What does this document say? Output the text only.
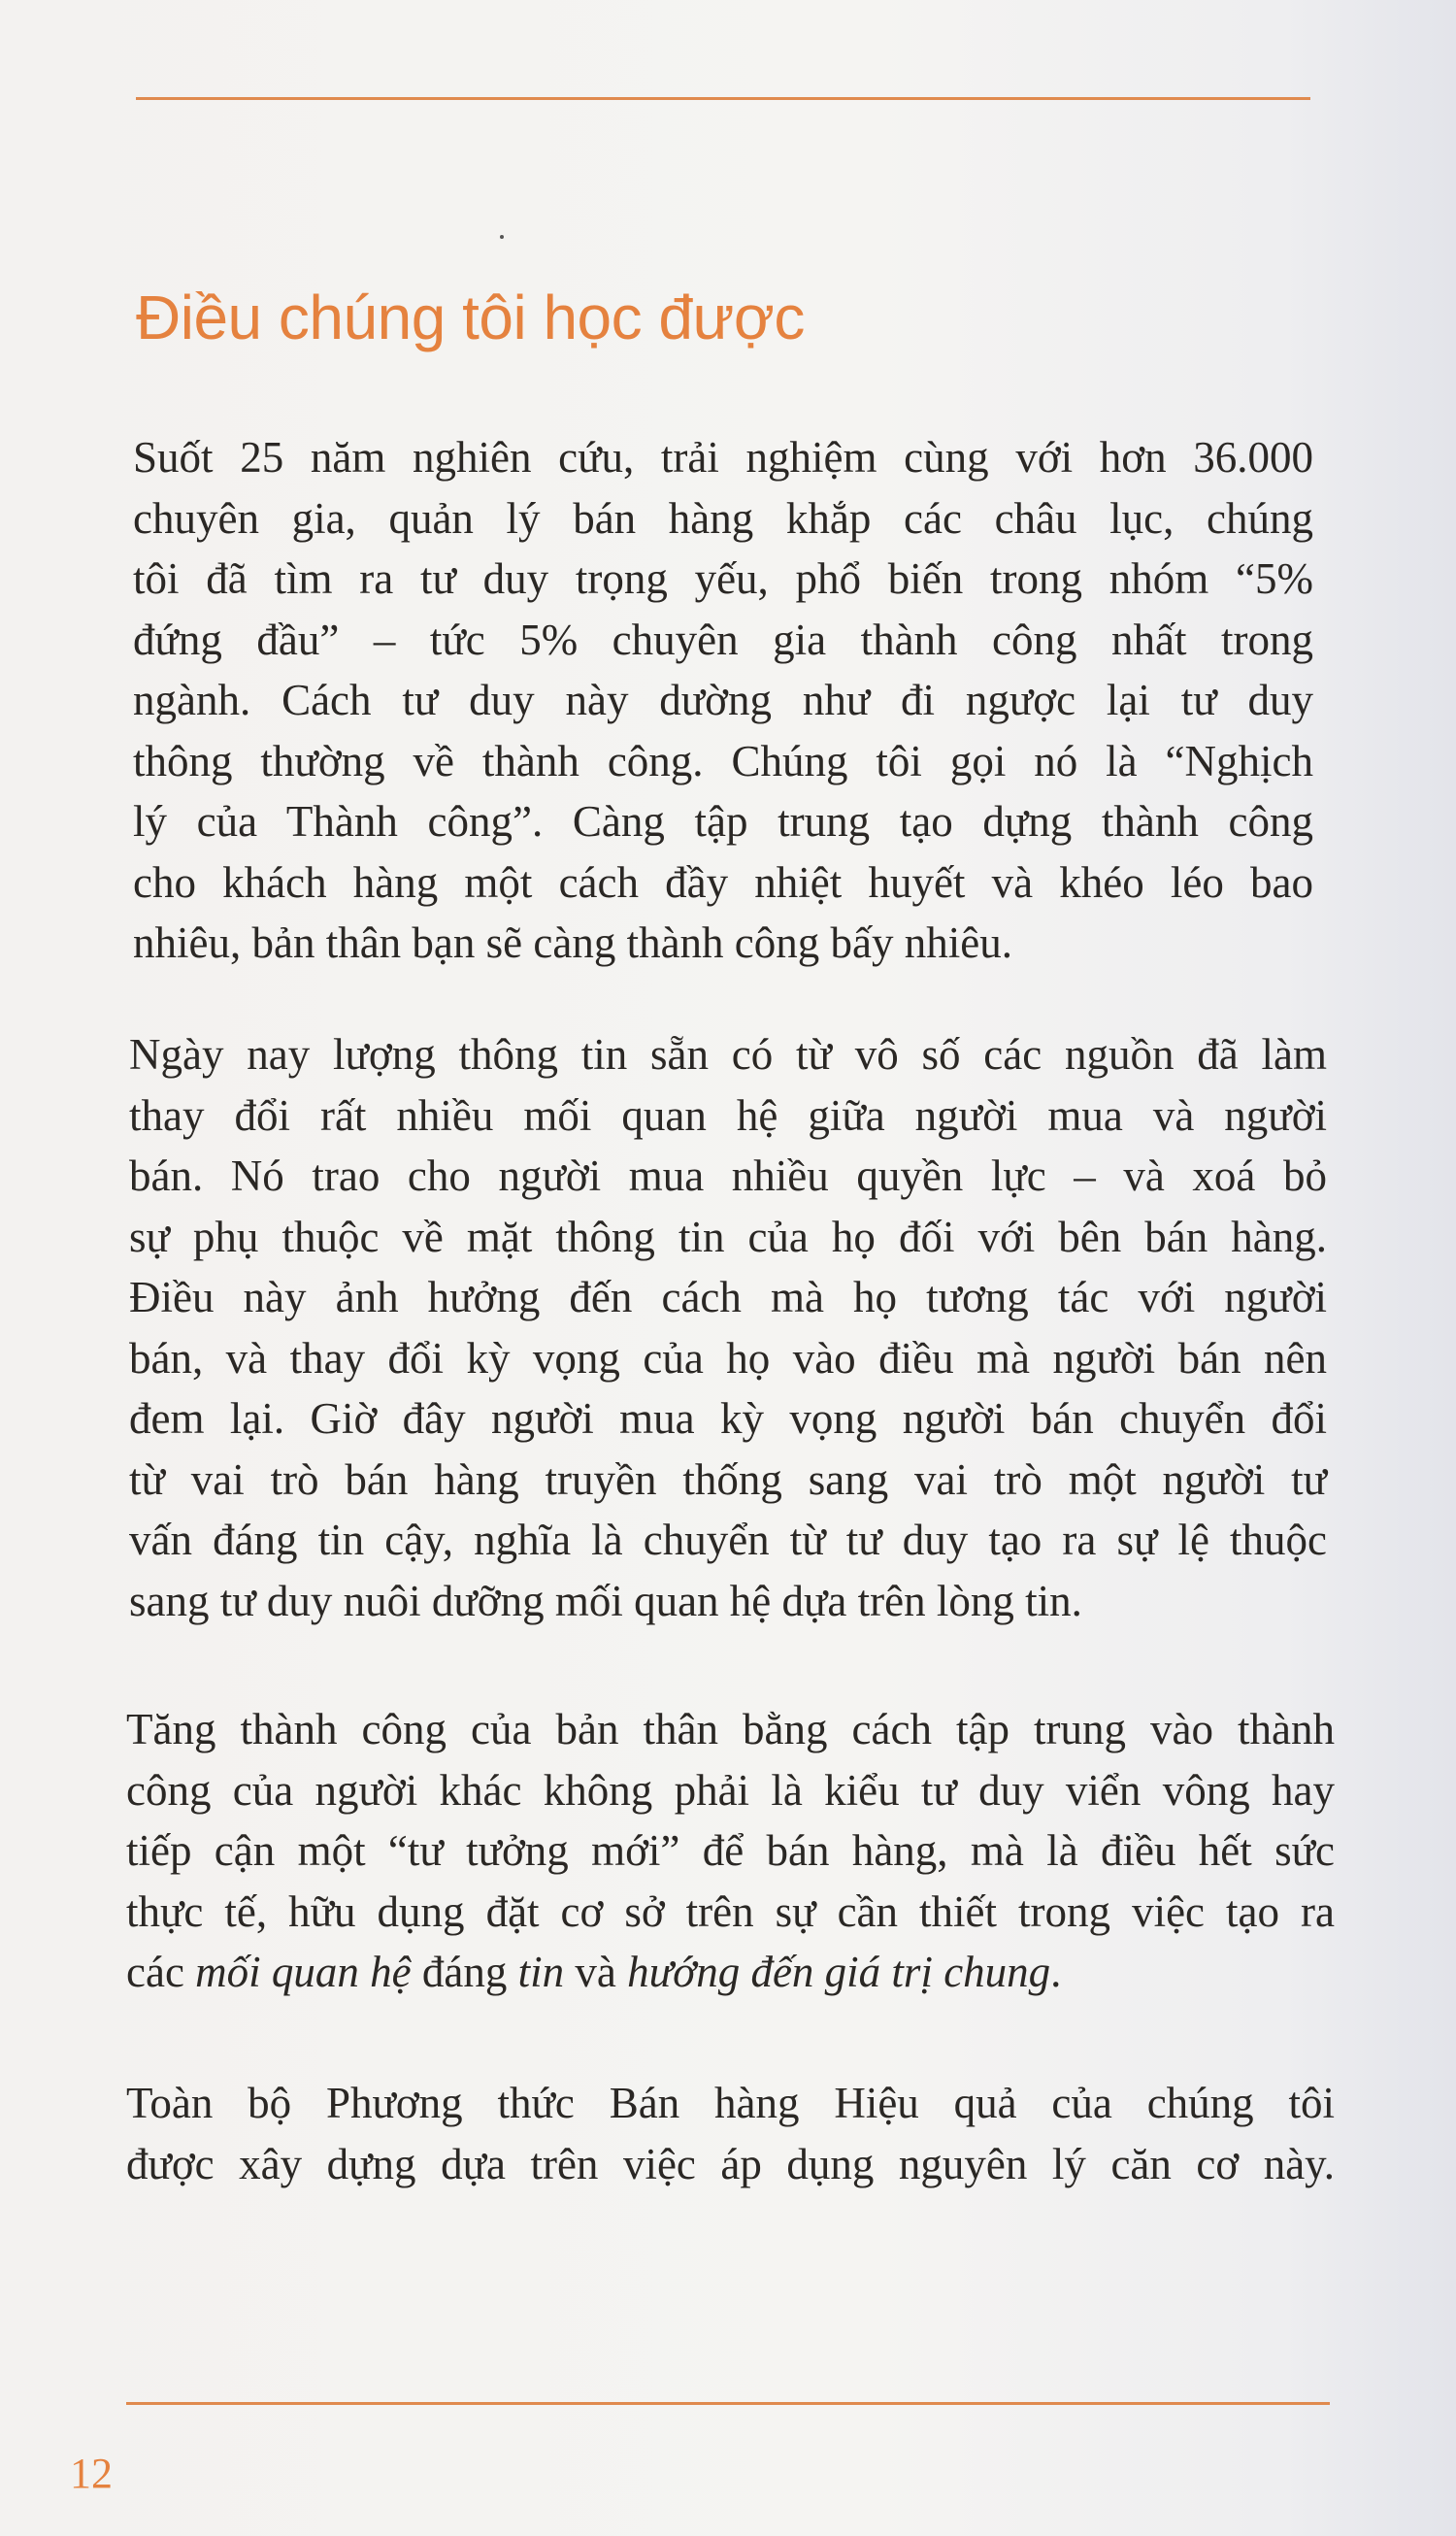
Điều chúng tôi học được
Suốt 25 năm nghiên cứu, trải nghiệm cùng với hơn 36.000
chuyên gia, quản lý bán hàng khắp các châu lục, chúng
tôi đã tìm ra tư duy trọng yếu, phổ biến trong nhóm “5%
đứng đầu” – tức 5% chuyên gia thành công nhất trong
ngành. Cách tư duy này dường như đi ngược lại tư duy
thông thường về thành công. Chúng tôi gọi nó là “Nghịch
lý của Thành công”. Càng tập trung tạo dựng thành công
cho khách hàng một cách đầy nhiệt huyết và khéo léo bao
nhiêu, bản thân bạn sẽ càng thành công bấy nhiêu.
Ngày nay lượng thông tin sẵn có từ vô số các nguồn đã làm
thay đổi rất nhiều mối quan hệ giữa người mua và người
bán. Nó trao cho người mua nhiều quyền lực – và xoá bỏ
sự phụ thuộc về mặt thông tin của họ đối với bên bán hàng.
Điều này ảnh hưởng đến cách mà họ tương tác với người
bán, và thay đổi kỳ vọng của họ vào điều mà người bán nên
đem lại. Giờ đây người mua kỳ vọng người bán chuyển đổi
từ vai trò bán hàng truyền thống sang vai trò một người tư
vấn đáng tin cậy, nghĩa là chuyển từ tư duy tạo ra sự lệ thuộc
sang tư duy nuôi dưỡng mối quan hệ dựa trên lòng tin.
Tăng thành công của bản thân bằng cách tập trung vào thành
công của người khác không phải là kiểu tư duy viển vông hay
tiếp cận một “tư tưởng mới” để bán hàng, mà là điều hết sức
thực tế, hữu dụng đặt cơ sở trên sự cần thiết trong việc tạo ra
các mối quan hệ đáng tin và hướng đến giá trị chung.
Toàn bộ Phương thức Bán hàng Hiệu quả của chúng tôi
được xây dựng dựa trên việc áp dụng nguyên lý căn cơ này.
12
